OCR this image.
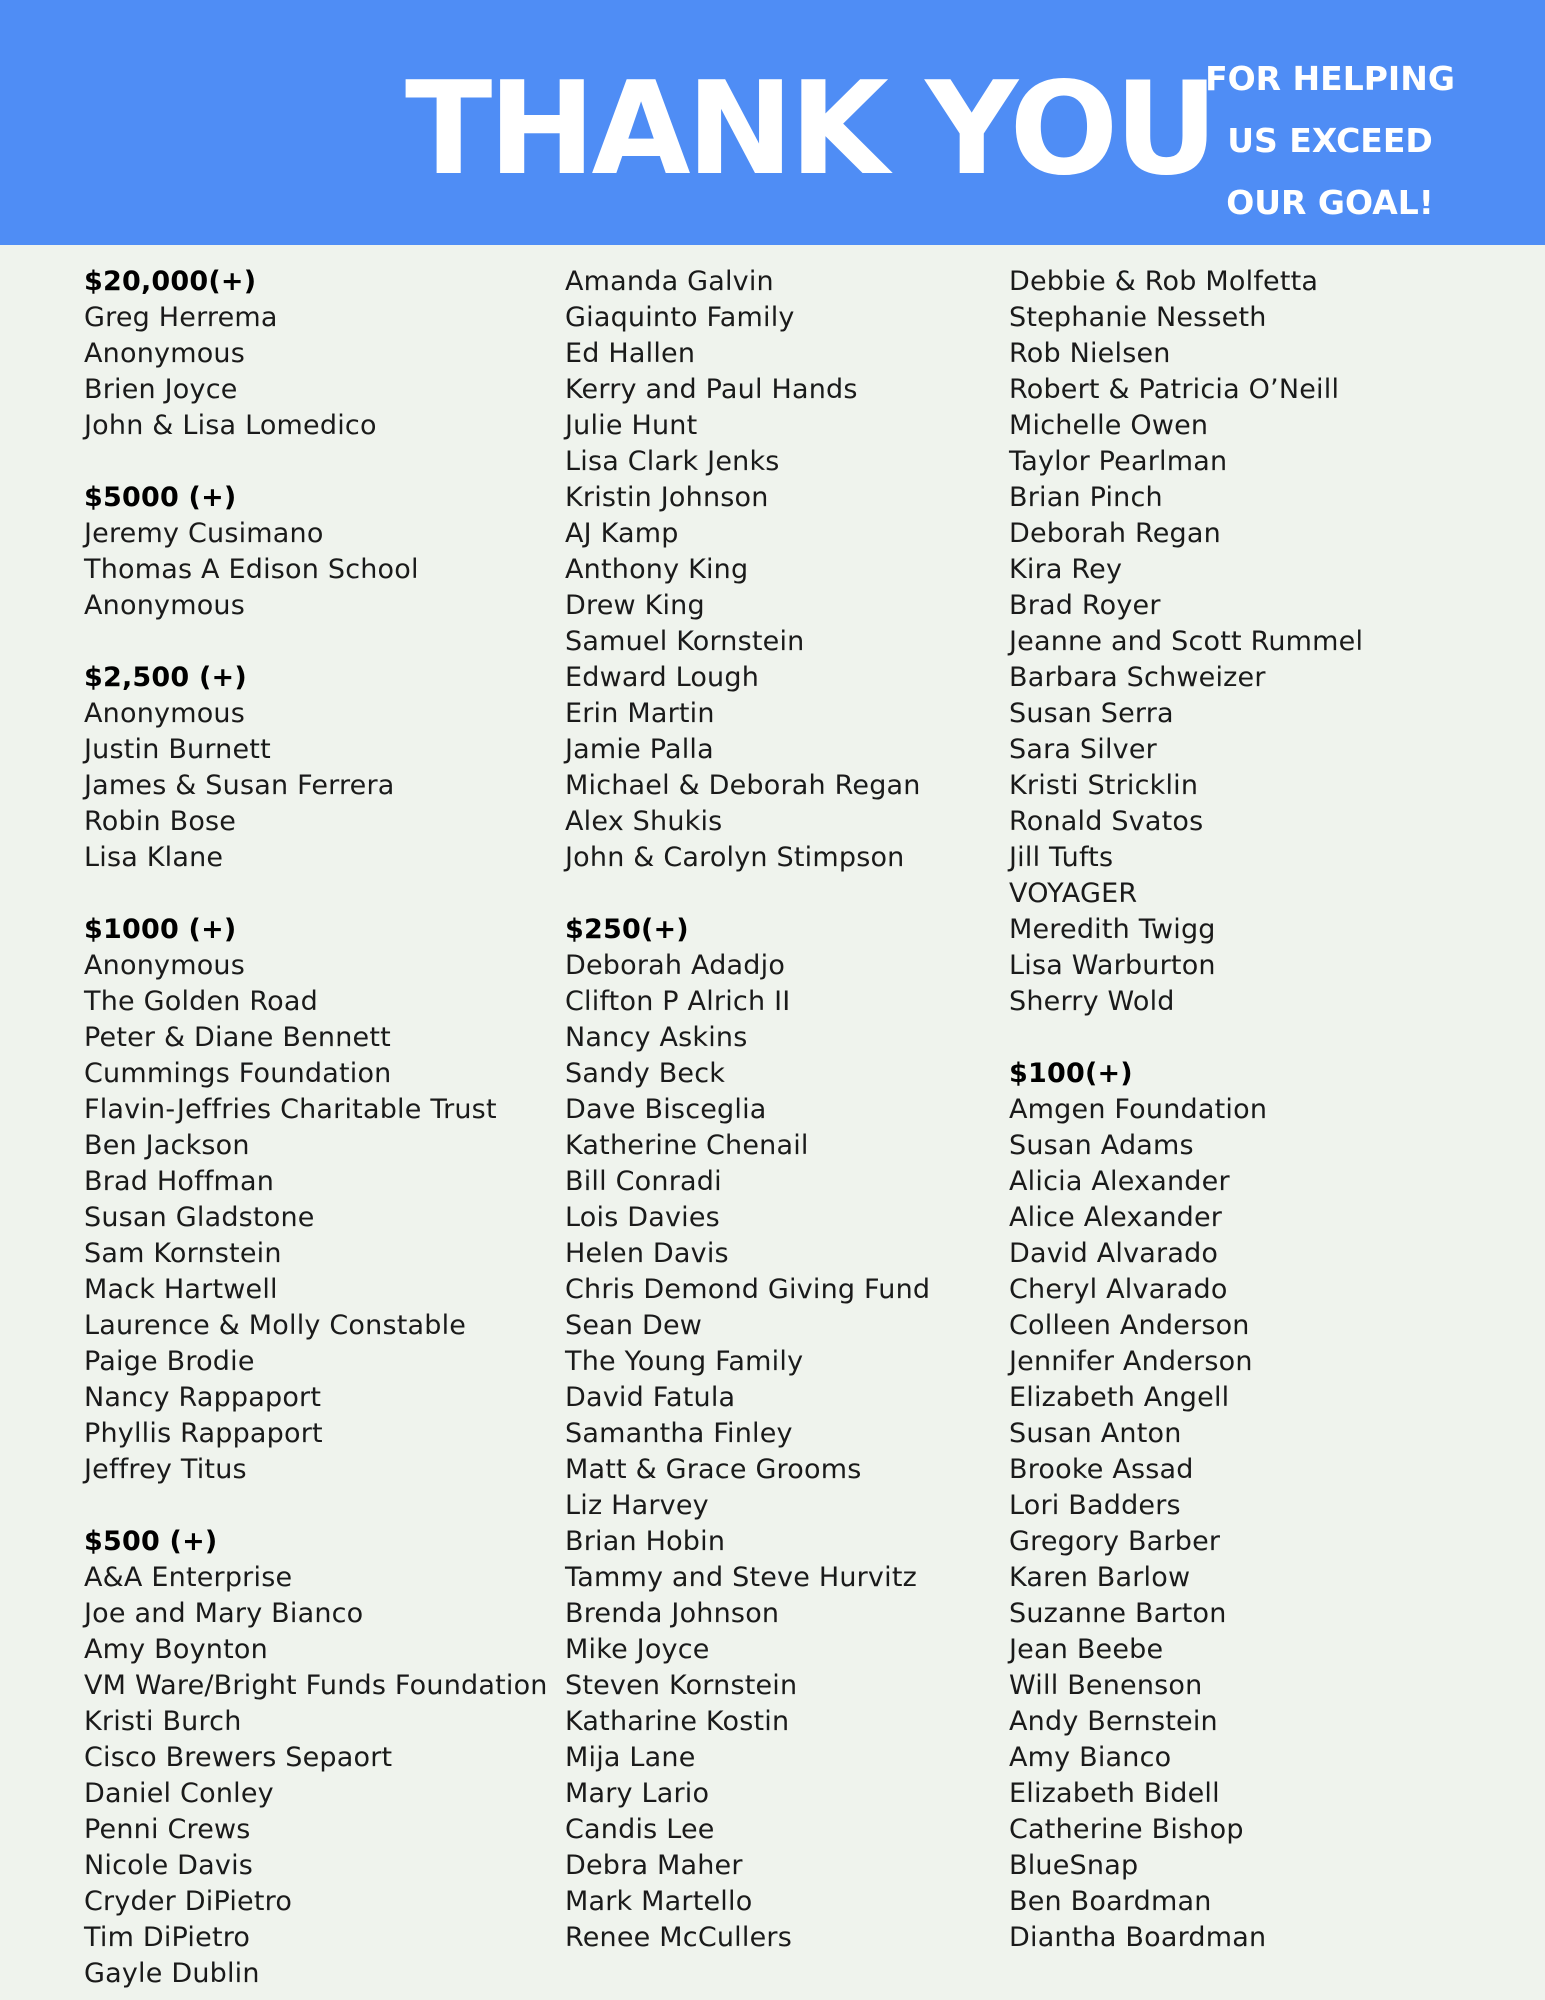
THANK YOU
FOR HELPING
US EXCEED
OUR GOAL!
$20,000(+)
Greg Herrema
Anonymous
Brien Joyce
John & Lisa Lomedico
$5000 (+)
Jeremy Cusimano
Thomas A Edison School
Anonymous
$2,500 (+)
Anonymous
Justin Burnett
James & Susan Ferrera
Robin Bose
Lisa Klane
$1000 (+)
Anonymous
The Golden Road
Peter & Diane Bennett
Cummings Foundation
Flavin-Jeffries Charitable Trust
Ben Jackson
Brad Hoffman
Susan Gladstone
Sam Kornstein
Mack Hartwell
Laurence & Molly Constable
Paige Brodie
Nancy Rappaport
Phyllis Rappaport
Jeffrey Titus
$500 (+)
A&A Enterprise
Joe and Mary Bianco
Amy Boynton
VM Ware/Bright Funds Foundation
Kristi Burch
Cisco Brewers Sepaort
Daniel Conley
Penni Crews
Nicole Davis
Cryder DiPietro
Tim DiPietro
Gayle Dublin
Amanda Galvin
Giaquinto Family
Ed Hallen
Kerry and Paul Hands
Julie Hunt
Lisa Clark Jenks
Kristin Johnson
AJ Kamp
Anthony King
Drew King
Samuel Kornstein
Edward Lough
Erin Martin
Jamie Palla
Michael & Deborah Regan
Alex Shukis
John & Carolyn Stimpson
$250(+)
Deborah Adadjo
Clifton P Alrich II
Nancy Askins
Sandy Beck
Dave Bisceglia
Katherine Chenail
Bill Conradi
Lois Davies
Helen Davis
Chris Demond Giving Fund
Sean Dew
The Young Family
David Fatula
Samantha Finley
Matt & Grace Grooms
Liz Harvey
Brian Hobin
Tammy and Steve Hurvitz
Brenda Johnson
Mike Joyce
Steven Kornstein
Katharine Kostin
Mija Lane
Mary Lario
Candis Lee
Debra Maher
Mark Martello
Renee McCullers
Debbie & Rob Molfetta
Stephanie Nesseth
Rob Nielsen
Robert & Patricia O’Neill
Michelle Owen
Taylor Pearlman
Brian Pinch
Deborah Regan
Kira Rey
Brad Royer
Jeanne and Scott Rummel
Barbara Schweizer
Susan Serra
Sara Silver
Kristi Stricklin
Ronald Svatos
Jill Tufts
VOYAGER
Meredith Twigg
Lisa Warburton
Sherry Wold
$100(+)
Amgen Foundation
Susan Adams
Alicia Alexander
Alice Alexander
David Alvarado
Cheryl Alvarado
Colleen Anderson
Jennifer Anderson
Elizabeth Angell
Susan Anton
Brooke Assad
Lori Badders
Gregory Barber
Karen Barlow
Suzanne Barton
Jean Beebe
Will Benenson
Andy Bernstein
Amy Bianco
Elizabeth Bidell
Catherine Bishop
BlueSnap
Ben Boardman
Diantha Boardman
